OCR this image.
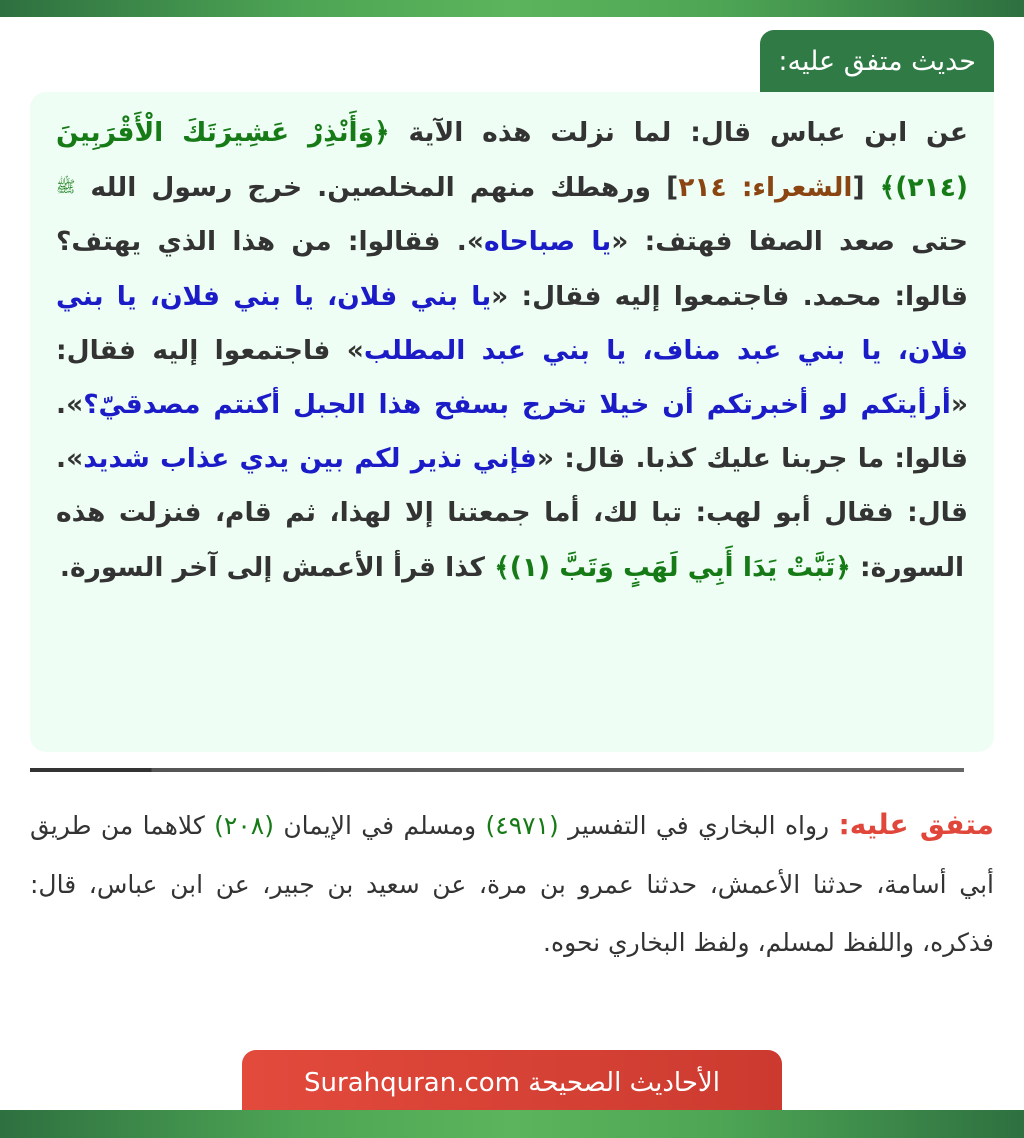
حديث متفق عليه:

عن ابن عباس قال: لما نزلت هذه الآية ﴿وَأَنْذِرْ عَشِيرَتَكَ الْأَقْرَبِينَ (٢١٤)﴾ [الشعراء: ٢١٤] ورهطك منهم المخلصين. خرج رسول الله ﷺ حتى صعد الصفا فهتف: «يا صباحاه». فقالوا: من هذا الذي يهتف؟ قالوا: محمد. فاجتمعوا إليه فقال: «يا بني فلان، يا بني فلان، يا بني فلان، يا بني عبد مناف، يا بني عبد المطلب» فاجتمعوا إليه فقال: «أرأيتكم لو أخبرتكم أن خيلا تخرج بسفح هذا الجبل أكنتم مصدقيّ؟». قالوا: ما جربنا عليك كذبا. قال: «فإني نذير لكم بين يدي عذاب شديد». قال: فقال أبو لهب: تبا لك، أما جمعتنا إلا لهذا، ثم قام، فنزلت هذه السورة: ﴿تَبَّتْ يَدَا أَبِي لَهَبٍ وَتَبَّ (١)﴾ كذا قرأ الأعمش إلى آخر السورة.

متفق عليه: رواه البخاري في التفسير (٤٩٧١) ومسلم في الإيمان (٢٠٨) كلاهما من طريق أبي أسامة، حدثنا الأعمش، حدثنا عمرو بن مرة، عن سعيد بن جبير، عن ابن عباس، قال: فذكره، واللفظ لمسلم، ولفظ البخاري نحوه.

الأحاديث الصحيحة Surahquran.com
